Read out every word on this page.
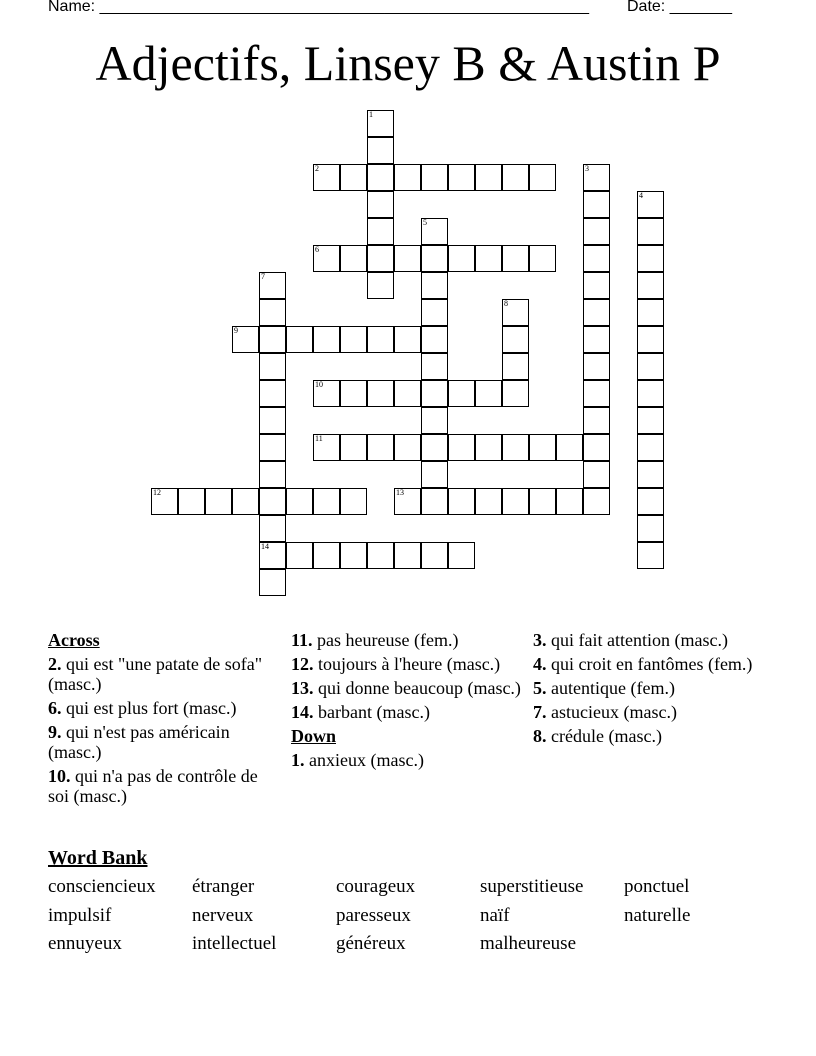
Name: _______________________________________________________ Date: _______
Adjectifs, Linsey B & Austin P
1
2	3
4
5
6
7
14
8
9
10
11
12	13
Across
2. qui est "une patate de sofa" (masc.)
6. qui est plus fort (masc.)
9. qui n'est pas américain (masc.)
10. qui n'a pas de contrôle de soi (masc.)
11. pas heureuse (fem.)
12. toujours à l'heure (masc.)
13. qui donne beaucoup (masc.)
14. barbant (masc.)
Down
1. anxieux (masc.)
3. qui fait attention (masc.)
4. qui croit en fantômes (fem.)
5. autentique (fem.)
7. astucieux (masc.)
8. crédule (masc.)
Word Bank
consciencieux étranger	courageux	superstitieuse ponctuel
impulsif	nerveux	paresseux	naïf	naturelle
ennuyeux	intellectuel	généreux	malheureuse
